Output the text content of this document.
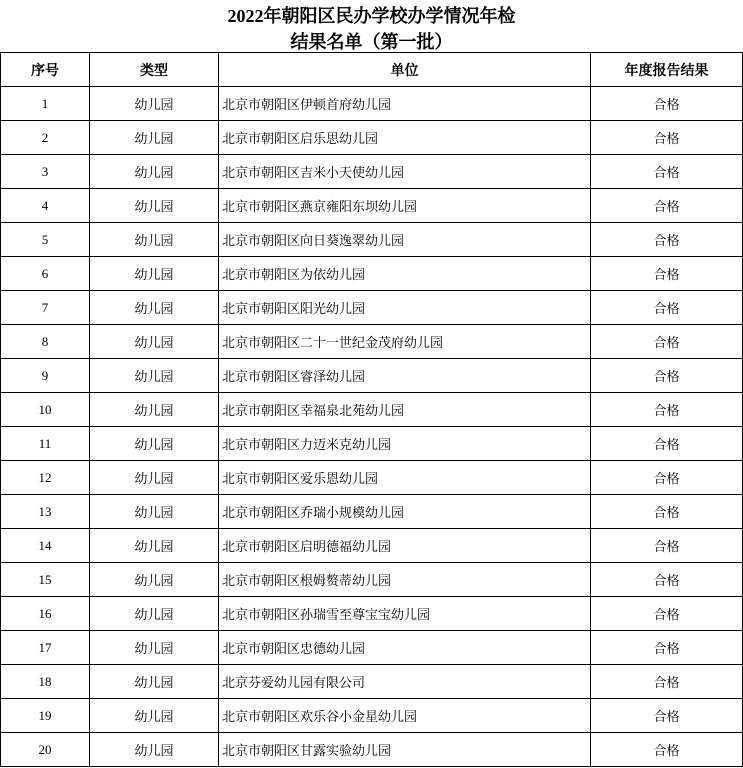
2022年朝阳区民办学校办学情况年检
结果名单（第一批）
序号	类型	单位	年度报告结果
1	幼儿园	北京市朝阳区伊顿首府幼儿园	合格
2	幼儿园	北京市朝阳区启乐思幼儿园	合格
3	幼儿园	北京市朝阳区吉米小天使幼儿园	合格
4	幼儿园	北京市朝阳区燕京雍阳东坝幼儿园	合格
5	幼儿园	北京市朝阳区向日葵逸翠幼儿园	合格
6	幼儿园	北京市朝阳区为依幼儿园	合格
7	幼儿园	北京市朝阳区阳光幼儿园	合格
8	幼儿园	北京市朝阳区二十一世纪金茂府幼儿园	合格
9	幼儿园	北京市朝阳区睿泽幼儿园	合格
10	幼儿园	北京市朝阳区幸福泉北苑幼儿园	合格
11	幼儿园	北京市朝阳区力迈米克幼儿园	合格
12	幼儿园	北京市朝阳区爱乐恩幼儿园	合格
13	幼儿园	北京市朝阳区乔瑞小规模幼儿园	合格
14	幼儿园	北京市朝阳区启明德福幼儿园	合格
15	幼儿园	北京市朝阳区根姆赘蒂幼儿园	合格
16	幼儿园	北京市朝阳区孙瑞雪至尊宝宝幼儿园	合格
17	幼儿园	北京市朝阳区忠德幼儿园	合格
18	幼儿园	北京芬爱幼儿园有限公司	合格
19	幼儿园	北京市朝阳区欢乐谷小金星幼儿园	合格
20	幼儿园	北京市朝阳区甘露实验幼儿园	合格
